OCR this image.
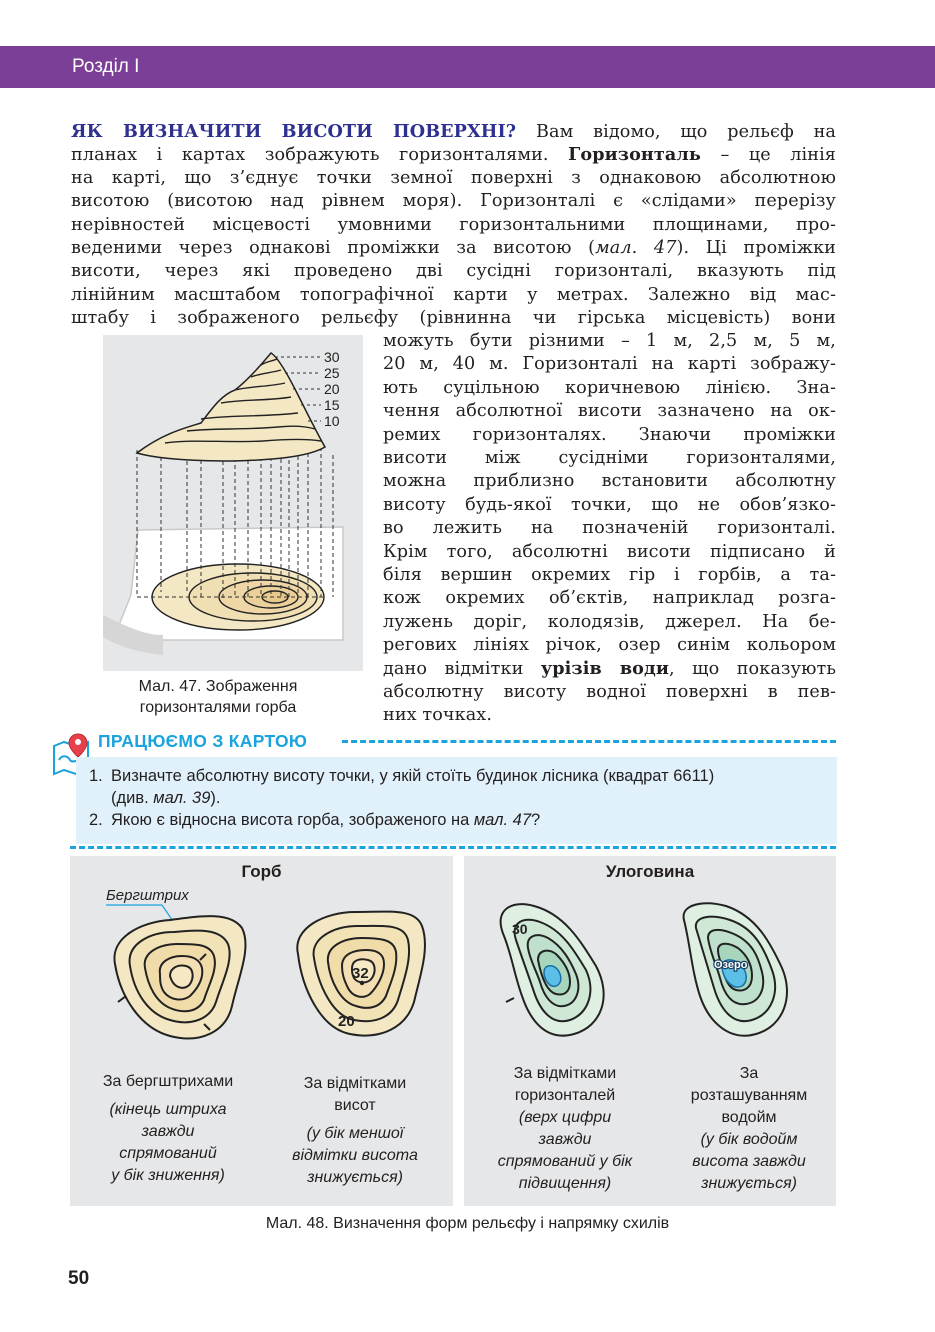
Розділ І
ЯК ВИЗНАЧИТИ ВИСОТИ ПОВЕРХНІ? Вам відомо, що рельєф на
планах і картах зображують горизонталями. Горизонталь – це лінія
на карті, що з’єднує точки земної поверхні з однаковою абсолютною
висотою (висотою над рівнем моря). Горизонталі є «слідами» перерізу
нерівностей місцевості умовними горизонтальними площинами, про-
веденими через однакові проміжки за висотою (мал. 47). Ці проміжки
висоти, через які проведено дві сусідні горизонталі, вказують під
лінійним масштабом топографічної карти у метрах. Залежно від мас-
штабу і зображеного рельєфу (рівнинна чи гірська місцевість) вони
можуть бути різними – 1 м, 2,5 м, 5 м,
20 м, 40 м. Горизонталі на карті зображу-
ють суцільною коричневою лінією. Зна-
чення абсолютної висоти зазначено на ок-
ремих горизонталях. Знаючи проміжки
висоти між сусідніми горизонталями,
можна приблизно встановити абсолютну
висоту будь-якої точки, що не обов’язко-
во лежить на позначеній горизонталі.
Крім того, абсолютні висоти підписано й
біля вершин окремих гір і горбів, а та-
кож окремих об’єктів, наприклад розга-
лужень доріг, колодязів, джерел. На бе-
регових лініях річок, озер синім кольором
дано відмітки урізів води, що показують
абсолютну висоту водної поверхні в пев-
них точках.
30
25
20
15
10
Мал. 47. Зображення
горизонталями горба
ПРАЦЮЄМО З КАРТОЮ
1. Визначте абсолютну висоту точки, у якій стоїть будинок лісника (квадрат 6611)
(див. мал. 39).
2. Якою є відносна висота горба, зображеного на мал. 47?
Горб
Бергштрих
32
20
За бергштрихами
(кінець штриха
завжди
спрямований
у бік зниження)
За відмітками
висот
(у бік меншої
відмітки висота
знижується)
Улоговина
30
Озеро
За відмітками
горизонталей
(верх цифри
завжди
спрямований у бік
підвищення)
За
розташуванням
водойм
(у бік водойм
висота завжди
знижується)
Мал. 48. Визначення форм рельєфу і напрямку схилів
50
